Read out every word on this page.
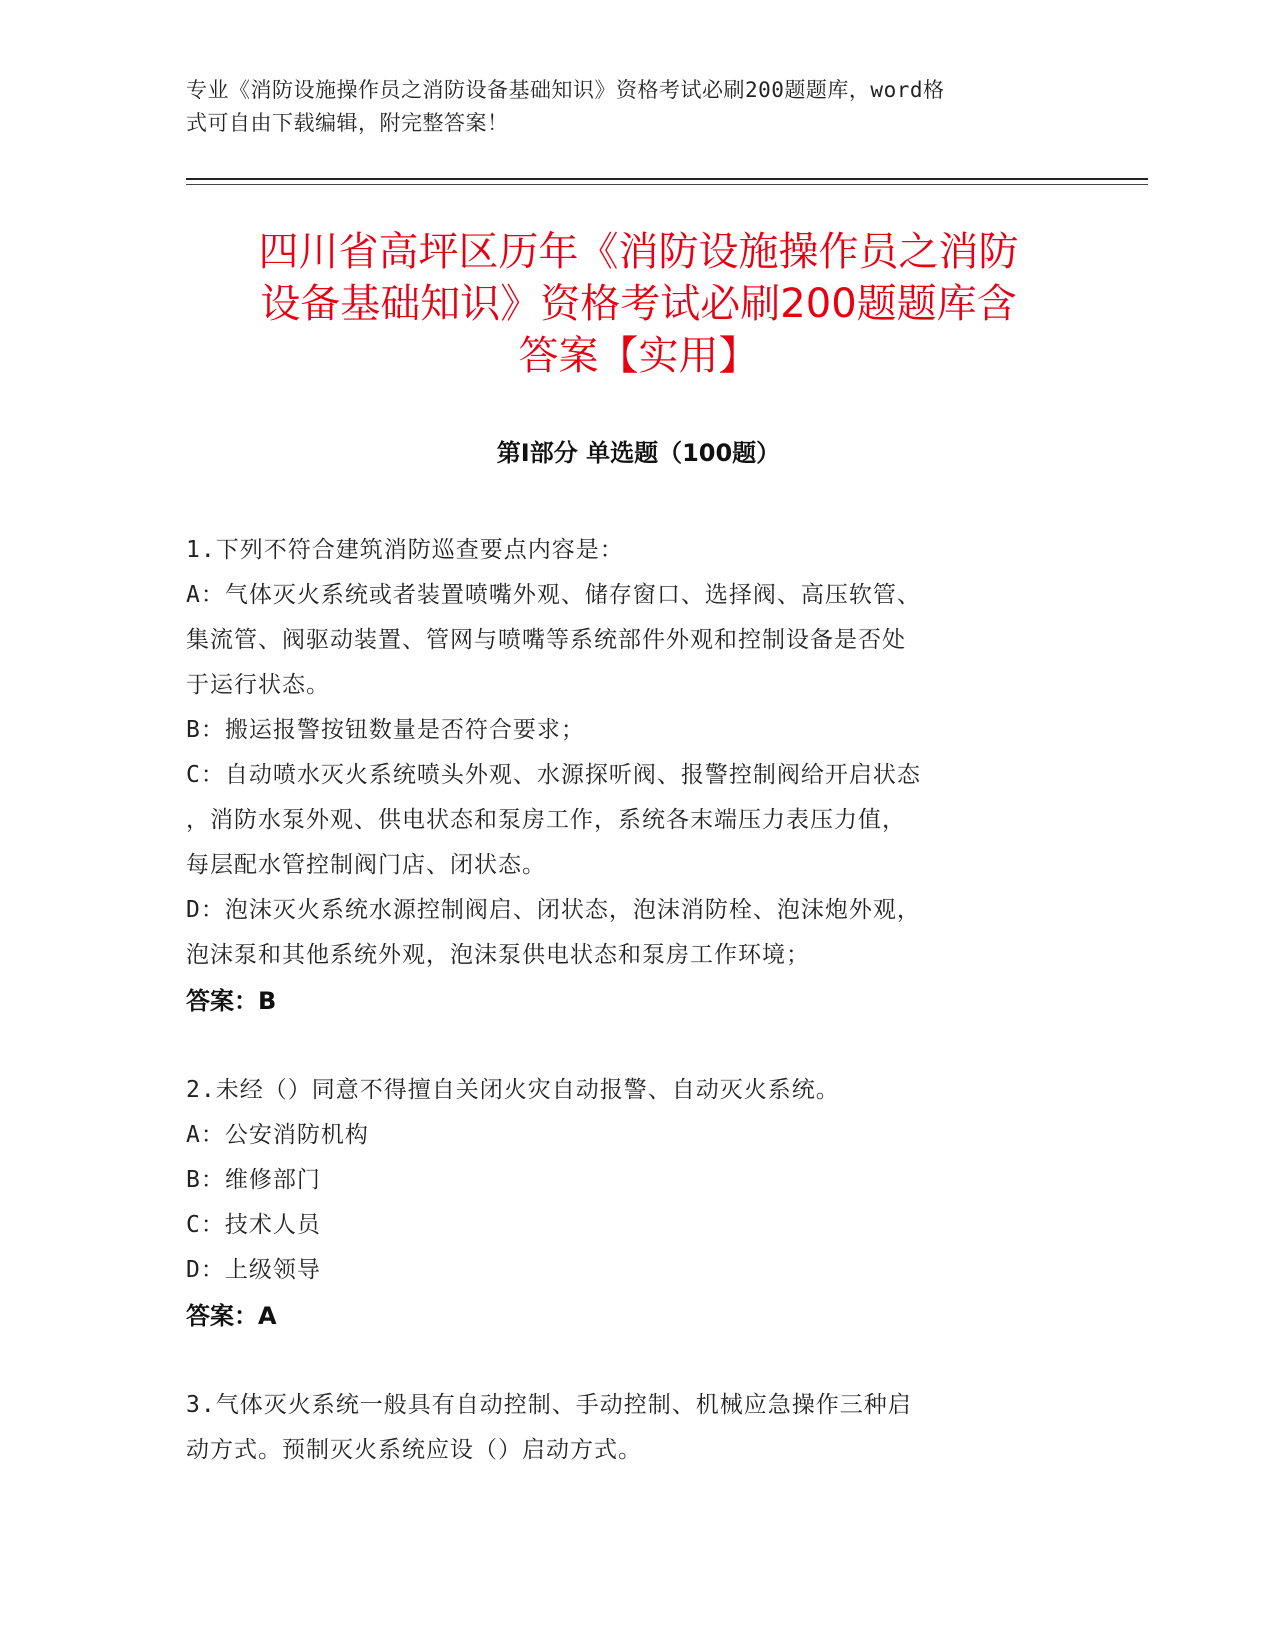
专业《消防设施操作员之消防设备基础知识》资格考试必刷200题题库，word格
式可自由下载编辑，附完整答案！
四川省高坪区历年《消防设施操作员之消防
设备基础知识》资格考试必刷200题题库含
答案【实用】
第Ⅰ部分 单选题（100题）

1.下列不符合建筑消防巡查要点内容是：

A：气体灭火系统或者装置喷嘴外观、储存窗口、选择阀、高压软管、

集流管、阀驱动装置、管网与喷嘴等系统部件外观和控制设备是否处

于运行状态。

B：搬运报警按钮数量是否符合要求；

C：自动喷水灭火系统喷头外观、水源探听阀、报警控制阀给开启状态

，消防水泵外观、供电状态和泵房工作，系统各末端压力表压力值，

每层配水管控制阀门店、闭状态。

D：泡沫灭火系统水源控制阀启、闭状态，泡沫消防栓、泡沫炮外观，

泡沫泵和其他系统外观，泡沫泵供电状态和泵房工作环境；

答案：B

2.未经（）同意不得擅自关闭火灾自动报警、自动灭火系统。

A：公安消防机构

B：维修部门

C：技术人员

D：上级领导

答案：A

3.气体灭火系统一般具有自动控制、手动控制、机械应急操作三种启

动方式。预制灭火系统应设（）启动方式。
